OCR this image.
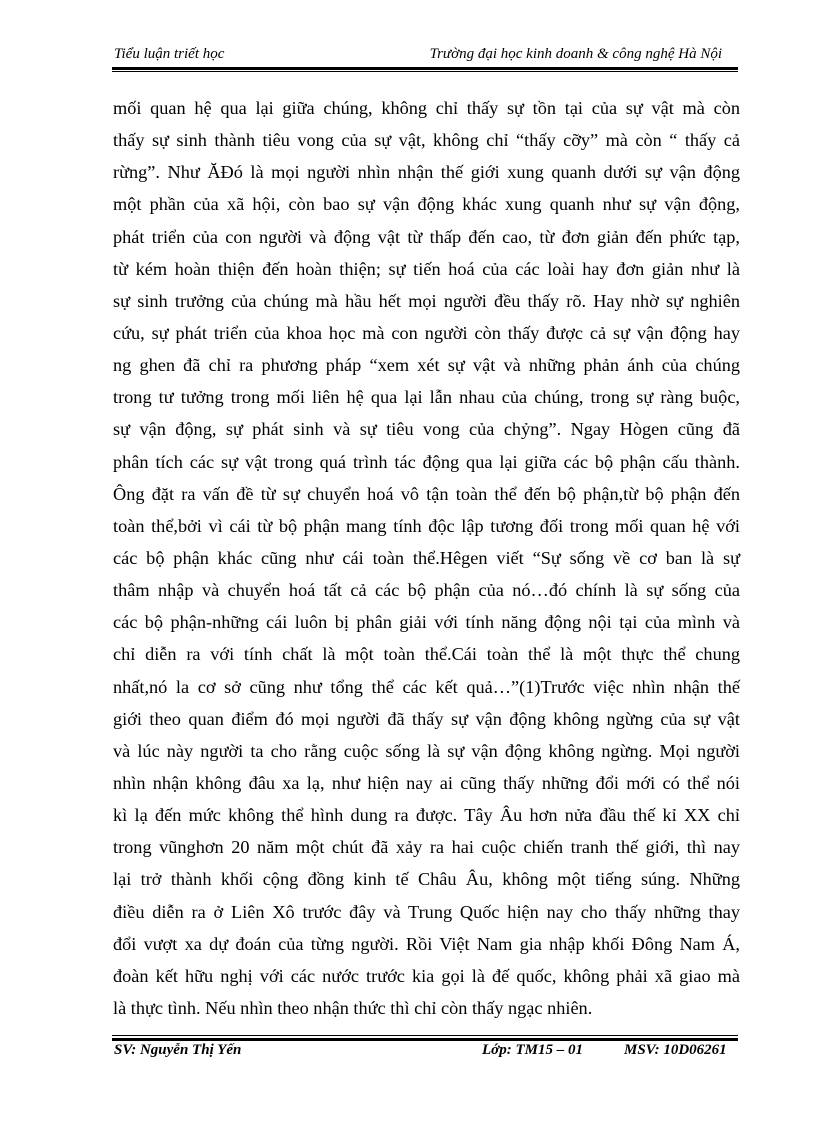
Tiểu luận triết học	Trường đại học kinh doanh & công nghệ Hà Nội
mối quan hệ qua lại giữa chúng, không chỉ thấy sự tồn tại của sự vật mà còn
thấy sự sinh thành tiêu vong của sự vật, không chỉ “thấy cỡy” mà còn “ thấy cả
rừng”. Như ĂĐó là mọi người nhìn nhận thế giới xung quanh dưới sự vận động
một phần của xã hội, còn bao sự vận động khác xung quanh như sự vận động,
phát triển của con người và động vật từ thấp đến cao, từ đơn giản đến phức tạp,
từ kém hoàn thiện đến hoàn thiện; sự tiến hoá của các loài hay đơn giản như là
sự sinh trưởng của chúng mà hầu hết mọi người đều thấy rõ. Hay nhờ sự nghiên
cứu, sự phát triển của khoa học mà con người còn thấy được cả sự vận động hay
ng ghen đã chỉ ra phương pháp “xem xét sự vật và những phản ánh của chúng
trong tư tưởng trong mối liên hệ qua lại lẫn nhau của chúng, trong sự ràng buộc,
sự vận động, sự phát sinh và sự tiêu vong của chỷng”. Ngay Hògen cũng đã
phân tích các sự vật trong quá trình tác động qua lại giữa các bộ phận cấu thành.
Ông đặt ra vấn đề từ sự chuyển hoá vô tận toàn thể đến bộ phận,từ bộ phận đến
toàn thể,bởi vì cái từ bộ phận mang tính độc lập tương đối trong mối quan hệ với
các bộ phận khác cũng như cái toàn thể.Hêgen viết “Sự sống về cơ ban là sự
thâm nhập và chuyển hoá tất cả các bộ phận của nó…đó chính là sự sống của
các bộ phận-những cái luôn bị phân giải với tính năng động nội tại của mình và
chỉ diễn ra với tính chất là một toàn thể.Cái toàn thể là một thực thể chung
nhất,nó la cơ sở cũng như tổng thể các kết quả…”(1)Trước việc nhìn nhận thế
giới theo quan điểm đó mọi người đã thấy sự vận động không ngừng của sự vật
và lúc này người ta cho rằng cuộc sống là sự vận động không ngừng. Mọi người
nhìn nhận không đâu xa lạ, như hiện nay ai cũng thấy những đổi mới có thể nói
kì lạ đến mức không thể hình dung ra được. Tây Âu hơn nửa đầu thế kỉ XX chỉ
trong vũnghơn 20 năm một chút đã xảy ra hai cuộc chiến tranh thế giới, thì nay
lại trở thành khối cộng đồng kinh tế Châu Âu, không một tiếng súng. Những
điều diễn ra ở Liên Xô trước đây và Trung Quốc hiện nay cho thấy những thay
đổi vượt xa dự đoán của từng người. Rồi Việt Nam gia nhập khối Đông Nam Á,
đoàn kết hữu nghị với các nước trước kia gọi là đế quốc, không phải xã giao mà
là thực tình. Nếu nhìn theo nhận thức thì chỉ còn thấy ngạc nhiên.
SV: Nguyễn Thị Yến	Lớp: TM15 – 01	MSV: 10D06261
